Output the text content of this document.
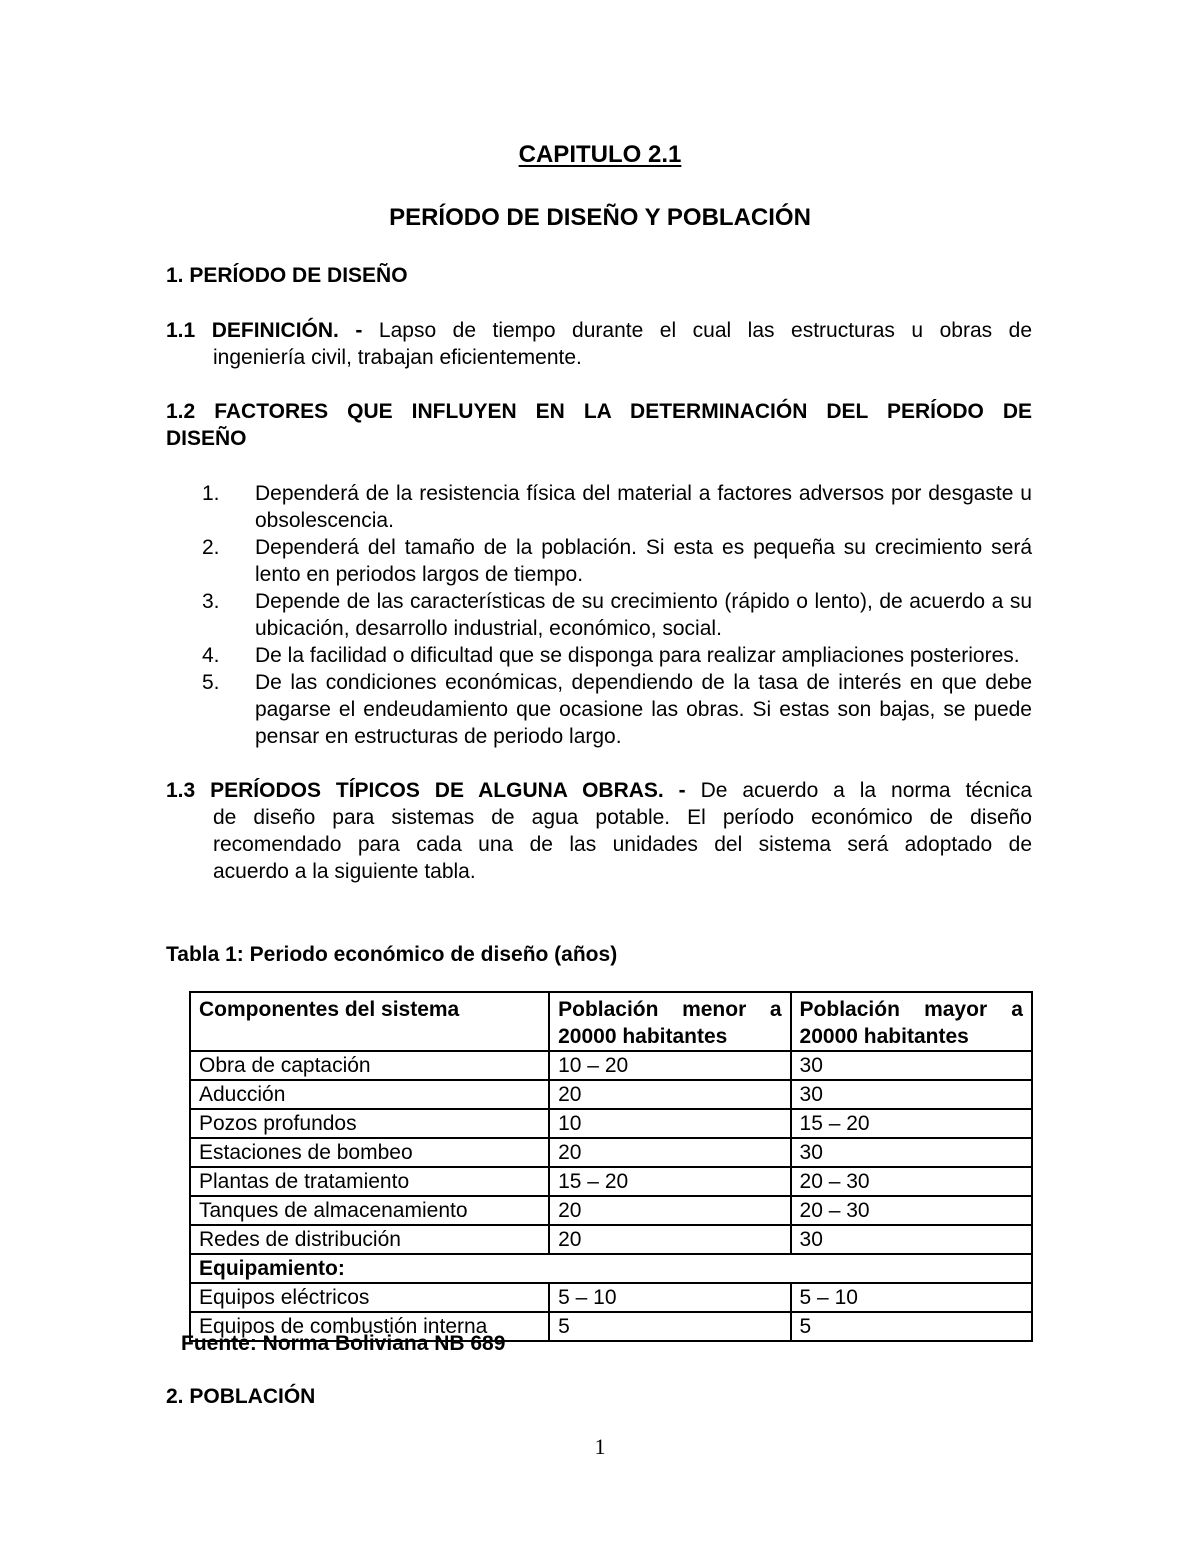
CAPITULO 2.1
PERÍODO DE DISEÑO Y POBLACIÓN
1. PERÍODO DE DISEÑO
1.1 DEFINICIÓN. - Lapso de tiempo durante el cual las estructuras u obras de
ingeniería civil, trabajan eficientemente.
1.2 FACTORES QUE INFLUYEN EN LA DETERMINACIÓN DEL PERÍODO DE
DISEÑO
1. Dependerá de la resistencia física del material a factores adversos por desgaste u obsolescencia.
2. Dependerá del tamaño de la población. Si esta es pequeña su crecimiento será lento en periodos largos de tiempo.
3. Depende de las características de su crecimiento (rápido o lento), de acuerdo a su ubicación, desarrollo industrial, económico, social.
4. De la facilidad o dificultad que se disponga para realizar ampliaciones posteriores.
5. De las condiciones económicas, dependiendo de la tasa de interés en que debe pagarse el endeudamiento que ocasione las obras. Si estas son bajas, se puede pensar en estructuras de periodo largo.
1.3 PERÍODOS TÍPICOS DE ALGUNA OBRAS. - De acuerdo a la norma técnica
de diseño para sistemas de agua potable. El período económico de diseño
recomendado para cada una de las unidades del sistema será adoptado de
acuerdo a la siguiente tabla.
Tabla 1: Periodo económico de diseño (años)
Componentes del sistema	Población menor a 20000 habitantes	Población mayor a 20000 habitantes
Obra de captación	10 – 20	30
Aducción	20	30
Pozos profundos	10	15 – 20
Estaciones de bombeo	20	30
Plantas de tratamiento	15 – 20	20 – 30
Tanques de almacenamiento	20	20 – 30
Redes de distribución	20	30
Equipamiento:		
Equipos eléctricos	5 – 10	5 – 10
Equipos de combustión interna	5	5
Fuente: Norma Boliviana NB 689
2. POBLACIÓN
1
